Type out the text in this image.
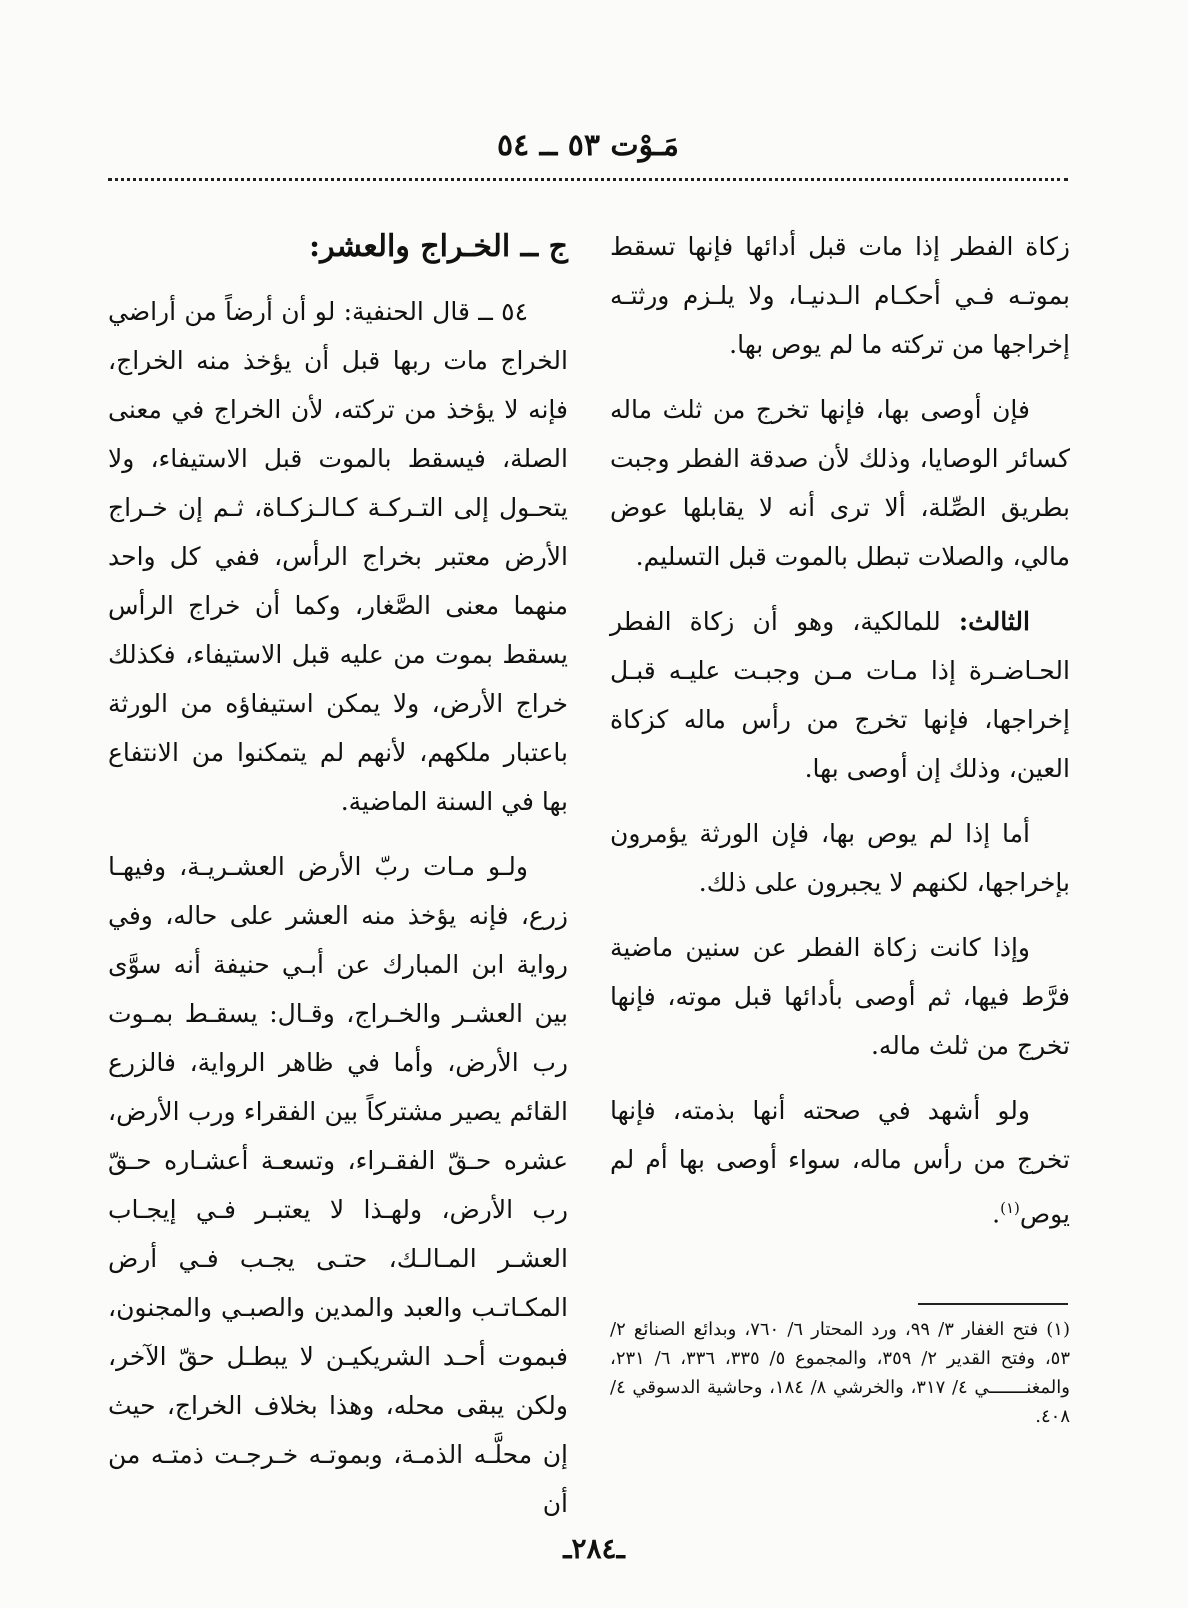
مَـوْت ٥٣ ــ ٥٤

زكاة الفطر إذا مات قبل أدائها فإنها تسقط بموتـه فـي أحكـام الـدنيـا، ولا يلـزم ورثتـه إخراجها من تركته ما لم يوص بها.

فإن أوصى بها، فإنها تخرج من ثلث ماله كسائر الوصايا، وذلك لأن صدقة الفطر وجبت بطريق الصِّلة، ألا ترى أنه لا يقابلها عوض مالي، والصلات تبطل بالموت قبل التسليم.

الثالث: للمالكية، وهو أن زكاة الفطر الحـاضـرة إذا مـات مـن وجبـت عليـه قبـل إخراجها، فإنها تخرج من رأس ماله كزكاة العين، وذلك إن أوصى بها.

أما إذا لم يوص بها، فإن الورثة يؤمرون بإخراجها، لكنهم لا يجبرون على ذلك.

وإذا كانت زكاة الفطر عن سنين ماضية فرَّط فيها، ثم أوصى بأدائها قبل موته، فإنها تخرج من ثلث ماله.

ولو أشهد في صحته أنها بذمته، فإنها تخرج من رأس ماله، سواء أوصى بها أم لم يوص$^{(١)}$.

ج ــ الخـراج والعشر:

٥٤ ــ قال الحنفية: لو أن أرضاً من أراضي الخراج مات ربها قبل أن يؤخذ منه الخراج، فإنه لا يؤخذ من تركته، لأن الخراج في معنى الصلة، فيسقط بالموت قبل الاستيفاء، ولا يتحـول إلى التـركـة كـالـزكـاة، ثـم إن خـراج الأرض معتبر بخراج الرأس، ففي كل واحد منهما معنى الصَّغار، وكما أن خراج الرأس يسقط بموت من عليه قبل الاستيفاء، فكذلك خراج الأرض، ولا يمكن استيفاؤه من الورثة باعتبار ملكهم، لأنهم لم يتمكنوا من الانتفاع بها في السنة الماضية.

ولـو مـات ربّ الأرض العشـريـة، وفيهـا زرع، فإنه يؤخذ منه العشر على حاله، وفي رواية ابن المبارك عن أبـي حنيفة أنه سوَّى بين العشـر والخـراج، وقـال: يسقـط بمـوت رب الأرض، وأما في ظاهر الرواية، فالزرع القائم يصير مشتركاً بين الفقراء ورب الأرض، عشره حـقّ الفقـراء، وتسعـة أعشـاره حـقّ رب الأرض، ولهـذا لا يعتبـر فـي إيجـاب العشـر المـالـك، حتـى يجـب فـي أرض المكـاتـب والعبد والمدين والصبـي والمجنون، فبموت أحـد الشريكيـن لا يبطـل حقّ الآخر، ولكن يبقى محله، وهذا بخلاف الخراج، حيث إن محلَّـه الذمـة، وبموتـه خـرجـت ذمتـه من أن

(١) فتح الغفار ٣/ ٩٩، ورد المحتار ٦/ ٧٦٠، وبدائع الصنائع ٢/ ٥٣، وفتح القدير ٢/ ٣٥٩، والمجموع ٥/ ٣٣٥، ٣٣٦، ٦/ ٢٣١، والمغنـــــــي ٤/ ٣١٧، والخرشي ٨/ ١٨٤، وحاشية الدسوقي ٤/ ٤٠٨.
ـ٢٨٤ـ
